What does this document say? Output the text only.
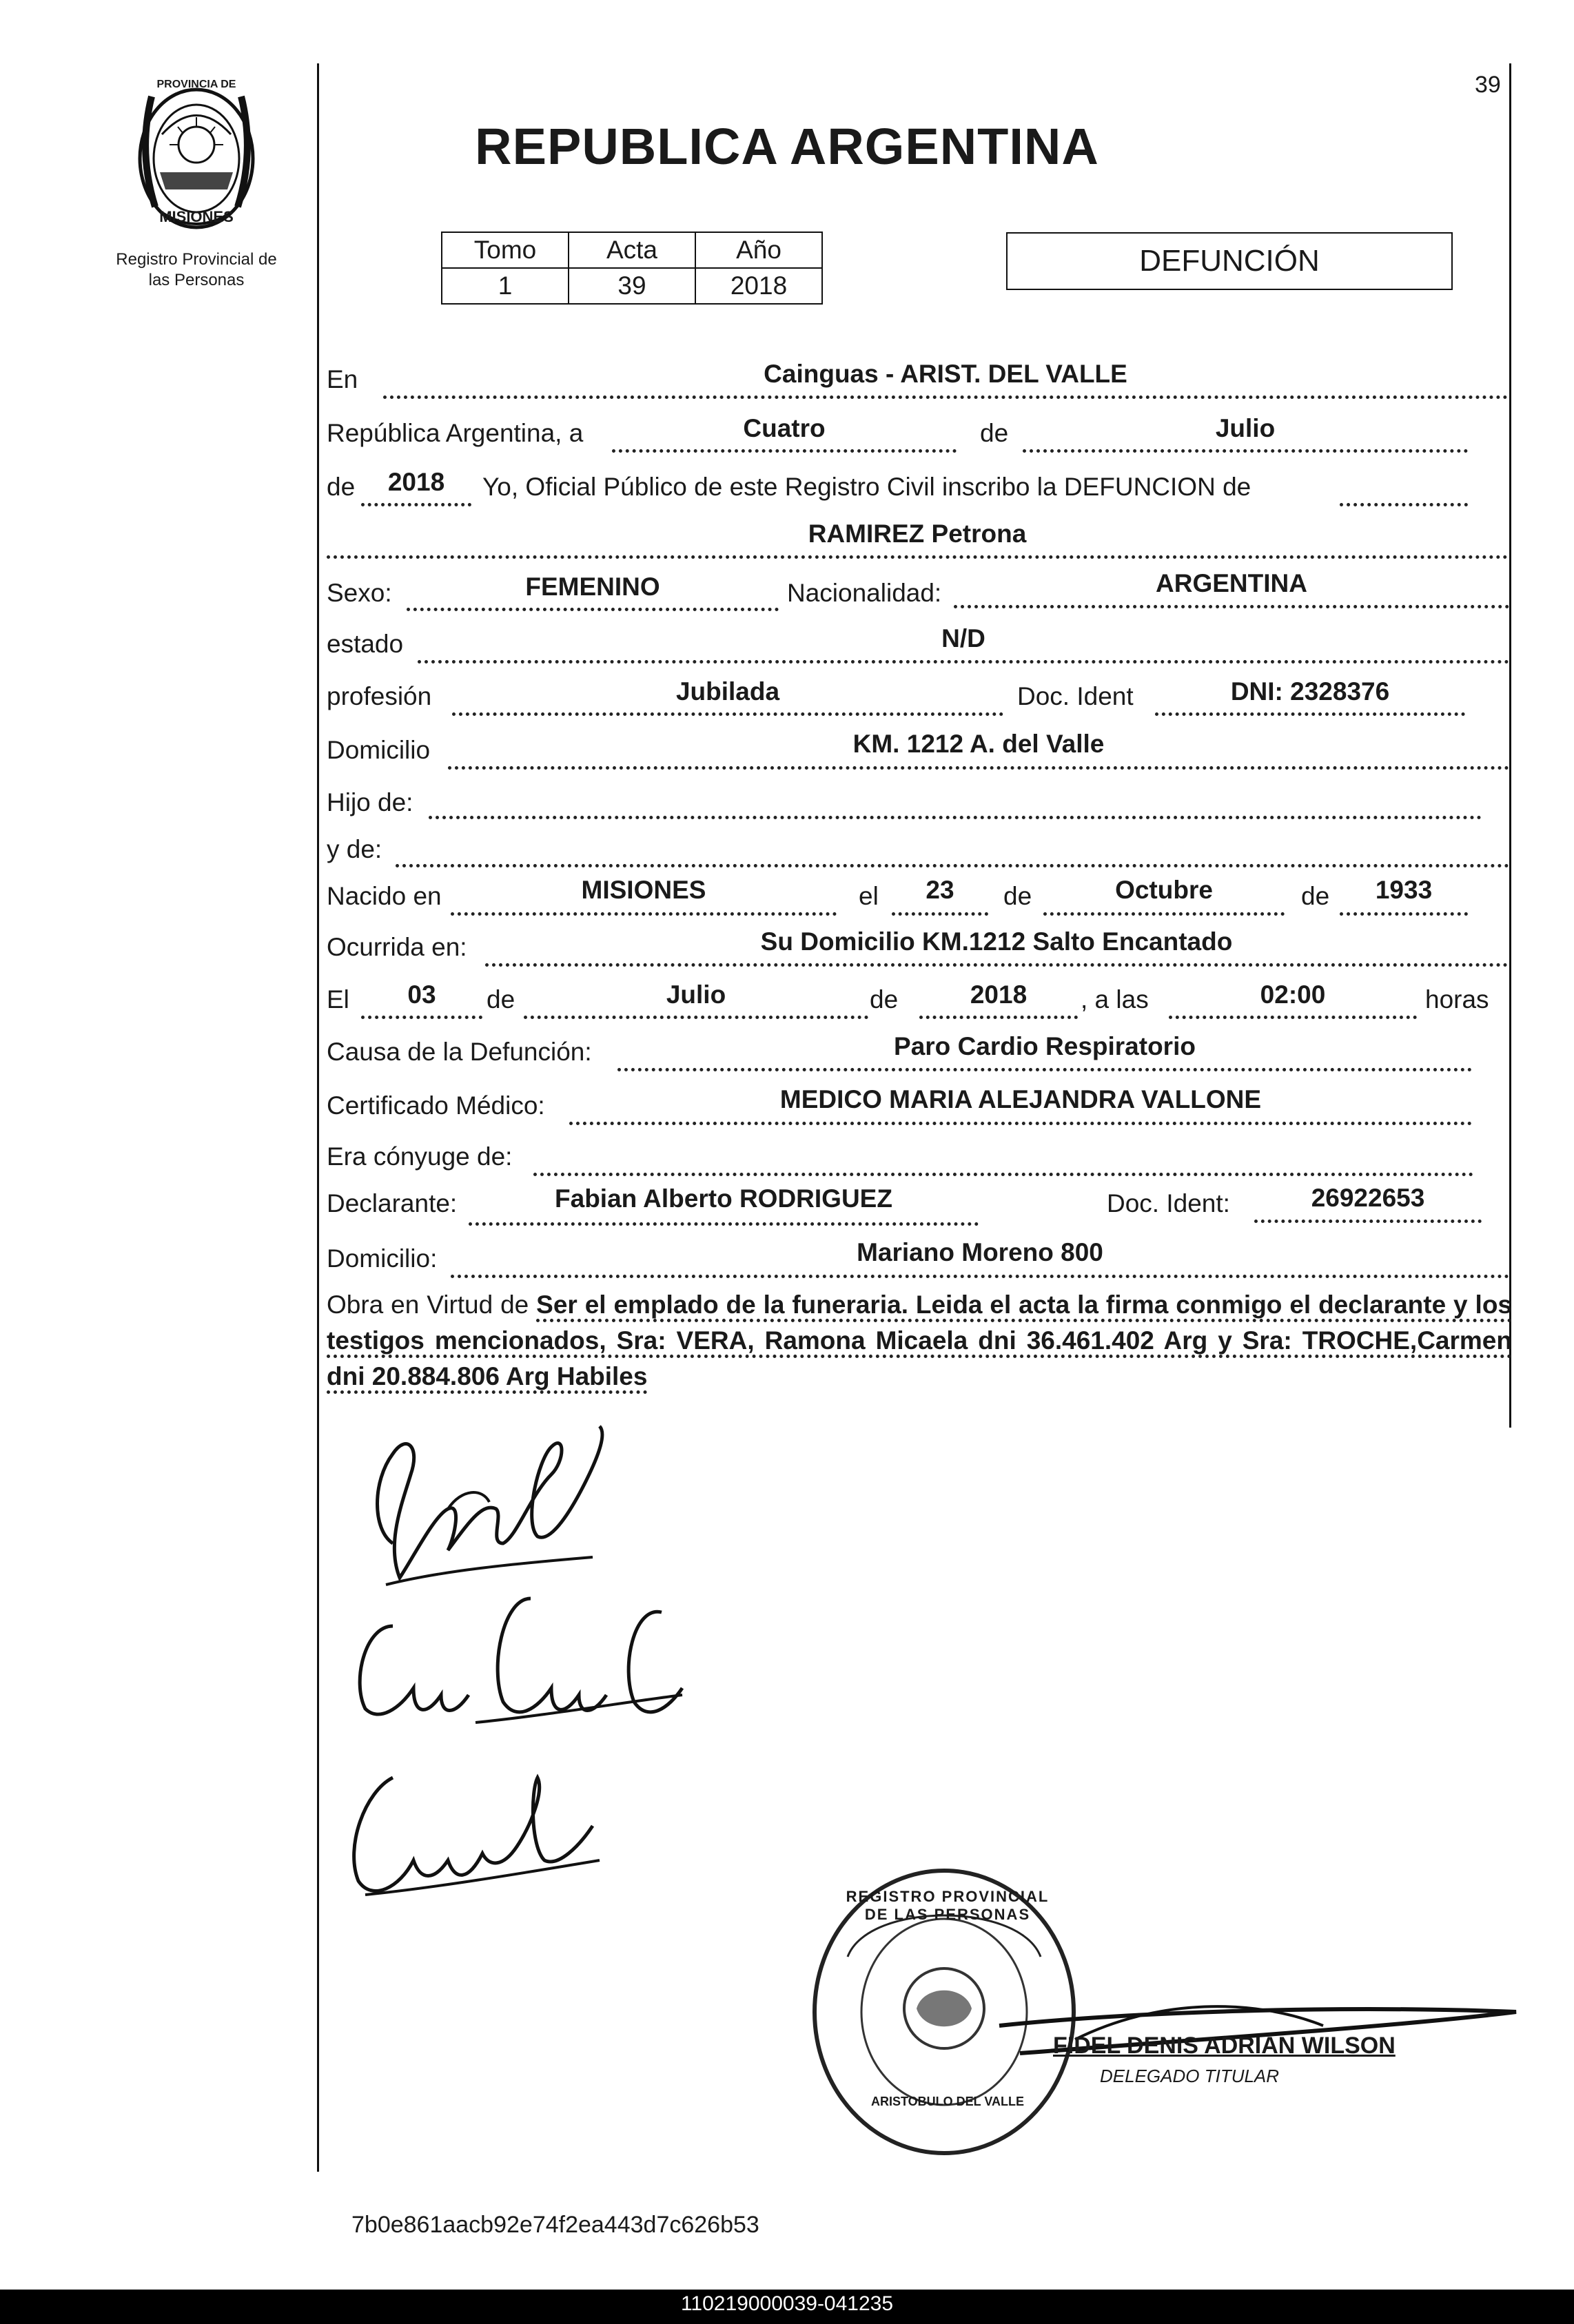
39
PROVINCIA DE
MISIONES
Registro Provincial de
las Personas
REPUBLICA ARGENTINA
Tomo	Acta	Año
1	39	2018
DEFUNCIÓN
En	Cainguas - ARIST. DEL VALLE
República Argentina, a	Cuatro	de	Julio
de	2018	Yo, Oficial Público de este Registro Civil inscribo la DEFUNCION de
RAMIREZ Petrona
Sexo:	FEMENINO	Nacionalidad:	ARGENTINA
estado	N/D
profesión	Jubilada	Doc. Ident	DNI: 2328376
Domicilio	KM. 1212 A. del Valle
Hijo de:
y de:
Nacido en	MISIONES	el	23	de	Octubre	de	1933
Ocurrida en:	Su Domicilio KM.1212 Salto Encantado
El	03	de	Julio	de	2018	, a las	02:00	horas
Causa de la Defunción:	Paro Cardio Respiratorio
Certificado Médico:	MEDICO MARIA ALEJANDRA VALLONE
Era cónyuge de:
Declarante:	Fabian Alberto RODRIGUEZ	Doc. Ident:	26922653
Domicilio:	Mariano Moreno 800
Obra en Virtud de Ser el emplado de la funeraria. Leida el acta la firma conmigo el declarante y los testigos mencionados, Sra: VERA, Ramona Micaela dni 36.461.402 Arg y Sra: TROCHE,Carmen dni 20.884.806 Arg Habiles
REGISTRO PROVINCIAL DE LAS PERSONAS
ARISTOBULO DEL VALLE
FIDEL DENIS ADRIAN WILSON
DELEGADO TITULAR
7b0e861aacb92e74f2ea443d7c626b53
110219000039-041235
